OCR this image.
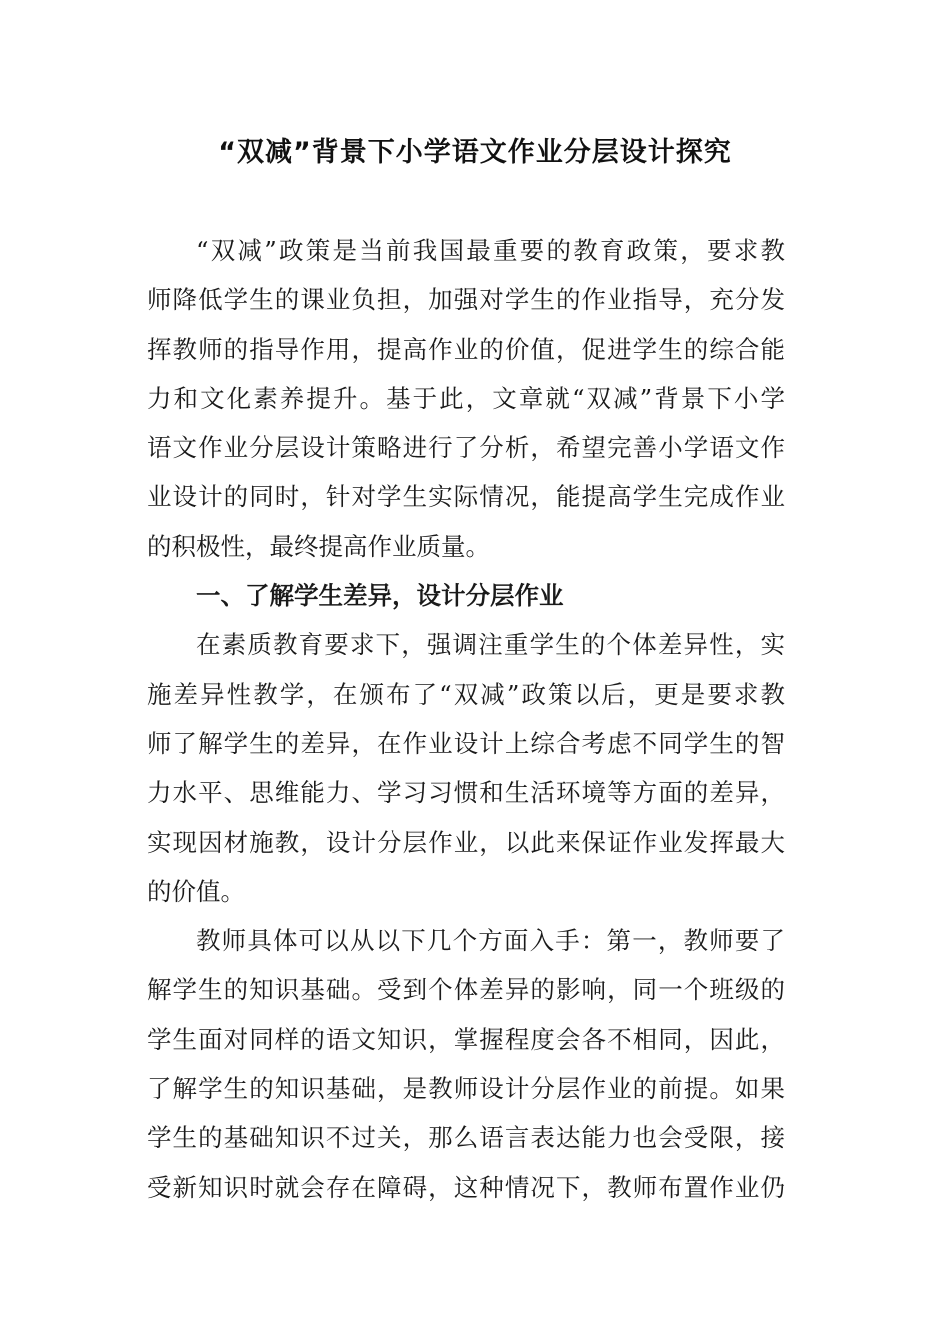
“双减”背景下小学语文作业分层设计探究
“双减”政策是当前我国最重要的教育政策，要求教
师降低学生的课业负担，加强对学生的作业指导，充分发
挥教师的指导作用，提高作业的价值，促进学生的综合能
力和文化素养提升。基于此，文章就“双减”背景下小学
语文作业分层设计策略进行了分析，希望完善小学语文作
业设计的同时，针对学生实际情况，能提高学生完成作业
的积极性，最终提高作业质量。
一、了解学生差异，设计分层作业
在素质教育要求下，强调注重学生的个体差异性，实
施差异性教学，在颁布了“双减”政策以后，更是要求教
师了解学生的差异，在作业设计上综合考虑不同学生的智
力水平、思维能力、学习习惯和生活环境等方面的差异，
实现因材施教，设计分层作业，以此来保证作业发挥最大
的价值。
教师具体可以从以下几个方面入手：第一，教师要了
解学生的知识基础。受到个体差异的影响，同一个班级的
学生面对同样的语文知识，掌握程度会各不相同，因此，
了解学生的知识基础，是教师设计分层作业的前提。如果
学生的基础知识不过关，那么语言表达能力也会受限，接
受新知识时就会存在障碍，这种情况下，教师布置作业仍
